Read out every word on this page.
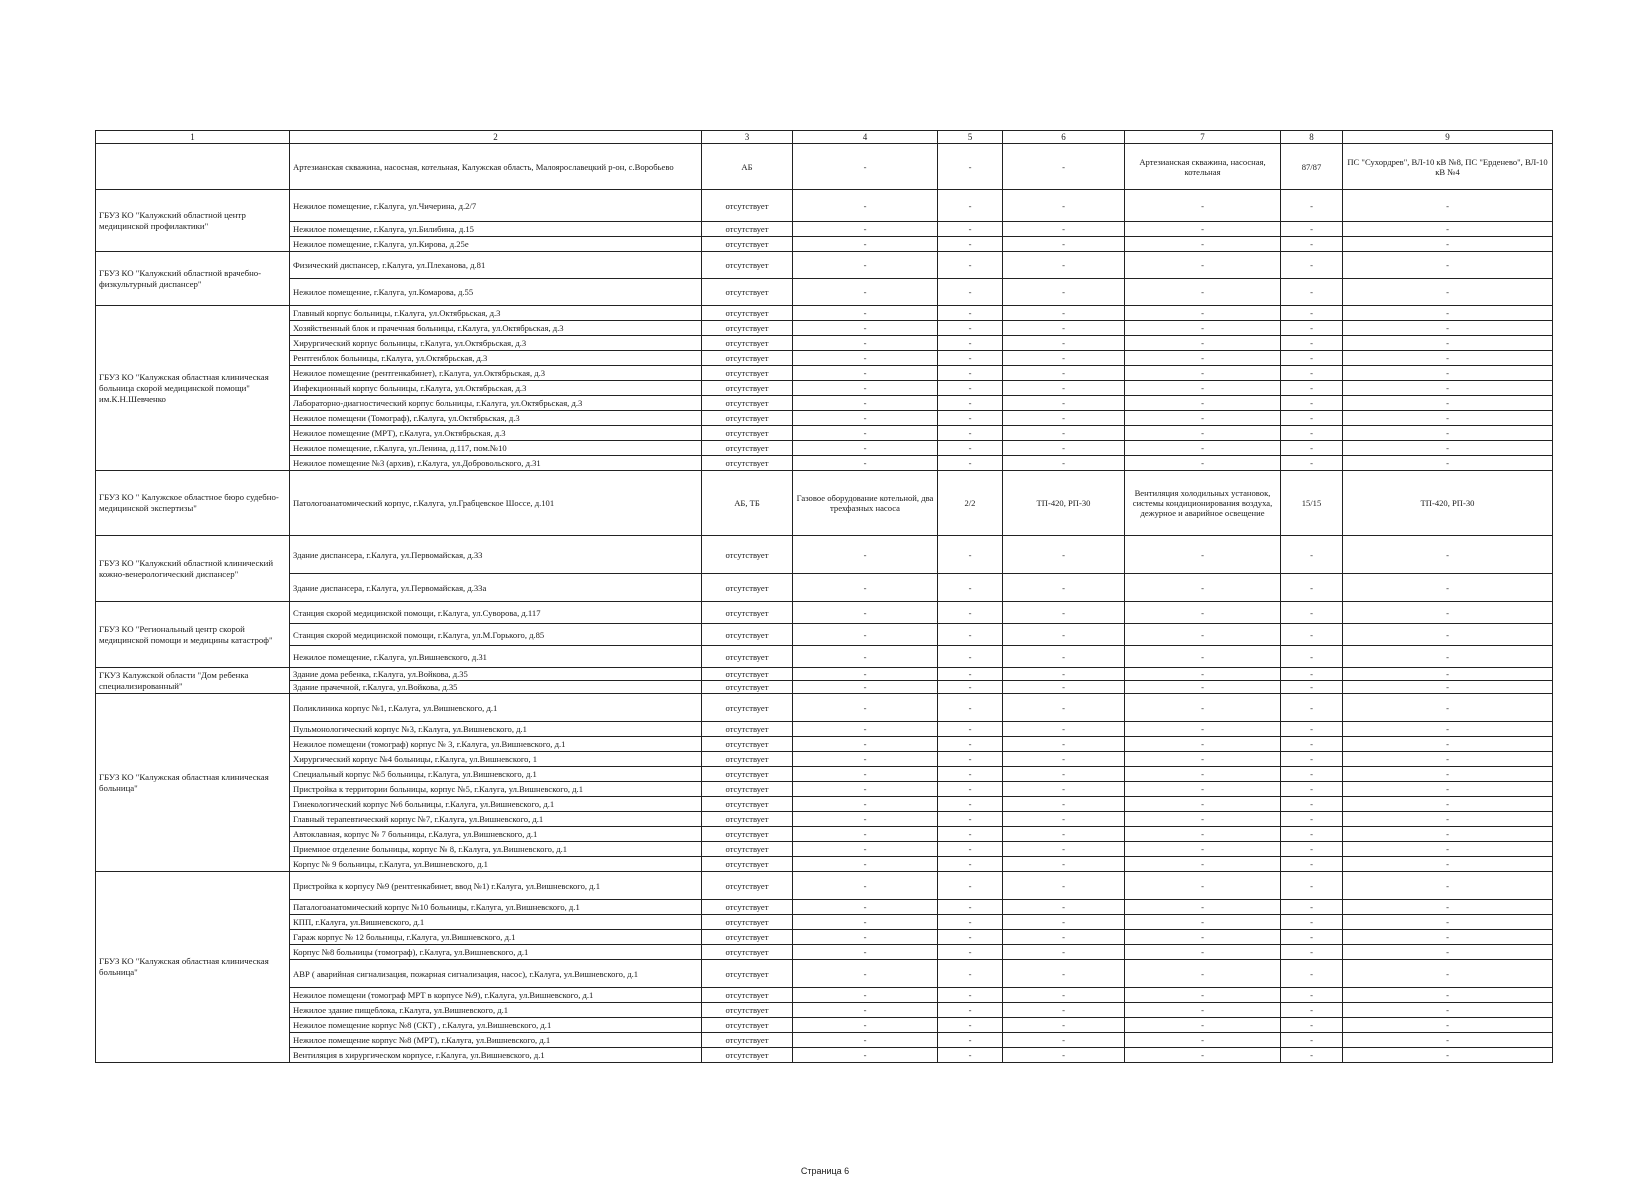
1	2	3	4	5	6	7	8	9
	Артезианская скважина, насосная, котельная, Калужская область, Малоярославецкий р-он, с.Воробьево	АБ	-	-	-	Артезианская скважина, насосная, котельная	87/87	ПС "Сухордрев", ВЛ-10 кВ №8, ПС "Ерденево", ВЛ-10 кВ №4
ГБУЗ КО "Калужский областной центр медицинской профилактики"	Нежилое помещение, г.Калуга, ул.Чичерина, д.2/7	отсутствует	-	-	-	-	-	-
	Нежилое помещение, г.Калуга, ул.Билибина, д.15	отсутствует	-	-	-	-	-	-
	Нежилое помещение, г.Калуга, ул.Кирова, д.25е	отсутствует	-	-	-	-	-	-
ГБУЗ КО "Калужский областной врачебно-физкультурный диспансер"	Физический диспансер, г.Калуга, ул.Плеханова, д.81	отсутствует	-	-	-	-	-	-
	Нежилое помещение, г.Калуга, ул.Комарова, д.55	отсутствует	-	-	-	-	-	-
ГБУЗ КО "Калужская областная клиническая больница скорой медицинской помощи" им.К.Н.Шевченко	Главный корпус больницы, г.Калуга, ул.Октябрьская, д.3	отсутствует	-	-	-	-	-	-
	Хозяйственный блок и прачечная больницы, г.Калуга, ул.Октябрьская, д.3	отсутствует	-	-	-	-	-	-
	Хирургический корпус больницы, г.Калуга, ул.Октябрьская, д.3	отсутствует	-	-	-	-	-	-
	Рентгенблок больницы, г.Калуга, ул.Октябрьская, д.3	отсутствует	-	-	-	-	-	-
	Нежилое помещение (рентгенкабинет), г.Калуга, ул.Октябрьская, д.3	отсутствует	-	-	-	-	-	-
	Инфекционный корпус больницы, г.Калуга, ул.Октябрьская, д.3	отсутствует	-	-	-	-	-	-
	Лабораторно-диагностический корпус больницы, г.Калуга, ул.Октябрьская, д.3	отсутствует	-	-	-	-	-	-
	Нежилое помещени (Томограф), г.Калуга, ул.Октябрьская, д.3	отсутствует	-	-	-	-	-	-
	Нежилое помещение (МРТ), г.Калуга, ул.Октябрьская, д.3	отсутствует	-	-	-	-	-	-
	Нежилое помещение, г.Калуга, ул.Ленина, д.117, пом.№10	отсутствует	-	-	-	-	-	-
	Нежилое помещение №3 (архив), г.Калуга, ул.Добровольского, д.31	отсутствует	-	-	-	-	-	-
ГБУЗ КО " Калужское областное бюро судебно- медицинской экспертизы"	Патологоанатомический корпус, г.Калуга, ул.Грабцевское Шоссе, д.101	АБ, ТБ	Газовое оборудование котельной, два трехфазных насоса	2/2	ТП-420, РП-30	Вентиляция холодильных установок, системы кондиционирования воздуха, дежурное и аварийное освещение	15/15	ТП-420, РП-30
ГБУЗ КО "Калужский областной клинический кожно-венерологический диспансер"	Здание диспансера, г.Калуга, ул.Первомайская, д.33	отсутствует	-	-	-	-	-	-
	Здание диспансера, г.Калуга, ул.Первомайская, д.33а	отсутствует	-	-	-	-	-	-
ГБУЗ КО "Региональный центр скорой медицинской помощи и медицины катастроф"	Станция скорой медицинской помощи, г.Калуга, ул.Суворова, д.117	отсутствует	-	-	-	-	-	-
	Станция скорой медицинской помощи, г.Калуга, ул.М.Горького, д.85	отсутствует	-	-	-	-	-	-
	Нежилое помещение, г.Калуга, ул.Вишневского, д.31	отсутствует	-	-	-	-	-	-
ГКУЗ Калужской области "Дом ребенка специализированный"	Здание дома ребенка, г.Калуга, ул.Войкова, д.35	отсутствует	-	-	-	-	-	-
	Здание прачечной, г.Калуга, ул.Войкова, д.35	отсутствует	-	-	-	-	-	-
ГБУЗ КО "Калужская областная клиническая больница"	Поликлиника корпус №1, г.Калуга, ул.Вишневского, д.1	отсутствует	-	-	-	-	-	-
	Пульмонологический корпус №3, г.Калуга, ул.Вишневского, д.1	отсутствует	-	-	-	-	-	-
	Нежилое помещени (томограф) корпус № 3, г.Калуга, ул.Вишневского, д.1	отсутствует	-	-	-	-	-	-
	Хирургический корпус №4 больницы, г.Калуга, ул.Вишневского, 1	отсутствует	-	-	-	-	-	-
	Специальный корпус №5 больницы, г.Калуга, ул.Вишневского, д.1	отсутствует	-	-	-	-	-	-
	Пристройка к территории больницы, корпус №5, г.Калуга, ул.Вишневского, д.1	отсутствует	-	-	-	-	-	-
	Гинекологический корпус №6 больницы, г.Калуга, ул.Вишневского, д.1	отсутствует	-	-	-	-	-	-
	Главный терапевтический корпус №7, г.Калуга, ул.Вишневского, д.1	отсутствует	-	-	-	-	-	-
	Автоклавная, корпус № 7 больницы, г.Калуга, ул.Вишневского, д.1	отсутствует	-	-	-	-	-	-
	Приемное отделение больницы, корпус № 8, г.Калуга, ул.Вишневского, д.1	отсутствует	-	-	-	-	-	-
	Корпус № 9 больницы, г.Калуга, ул.Вишневского, д.1	отсутствует	-	-	-	-	-	-
ГБУЗ КО "Калужская областная клиническая больница"	Пристройка к корпусу №9 (рентгенкабинет, ввод №1) г.Калуга, ул.Вишневского, д.1	отсутствует	-	-	-	-	-	-
	Паталогоанатомический корпус №10 больницы, г.Калуга, ул.Вишневского, д.1	отсутствует	-	-	-	-	-	-
	КПП, г.Калуга, ул.Вишневского, д.1	отсутствует	-	-	-	-	-	-
	Гараж корпус № 12 больницы, г.Калуга, ул.Вишневского, д.1	отсутствует	-	-	-	-	-	-
	Корпус №8 больницы (томограф), г.Калуга, ул.Вишневского, д.1	отсутствует	-	-	-	-	-	-
	АВР ( аварийная сигнализация, пожарная сигнализация, насос), г.Калуга, ул.Вишневского, д.1	отсутствует	-	-	-	-	-	-
	Нежилое помещени (томограф МРТ в корпусе №9), г.Калуга, ул.Вишневского, д.1	отсутствует	-	-	-	-	-	-
	Нежилое здание пищеблока, г.Калуга, ул.Вишневского, д.1	отсутствует	-	-	-	-	-	-
	Нежилое помещение корпус №8 (СКТ) , г.Калуга, ул.Вишневского, д.1	отсутствует	-	-	-	-	-	-
	Нежилое помещение корпус №8 (МРТ), г.Калуга, ул.Вишневского, д.1	отсутствует	-	-	-	-	-	-
	Вентиляция в хирургическом корпусе, г.Калуга, ул.Вишневского, д.1	отсутствует	-	-	-	-	-	-
Страница 6
